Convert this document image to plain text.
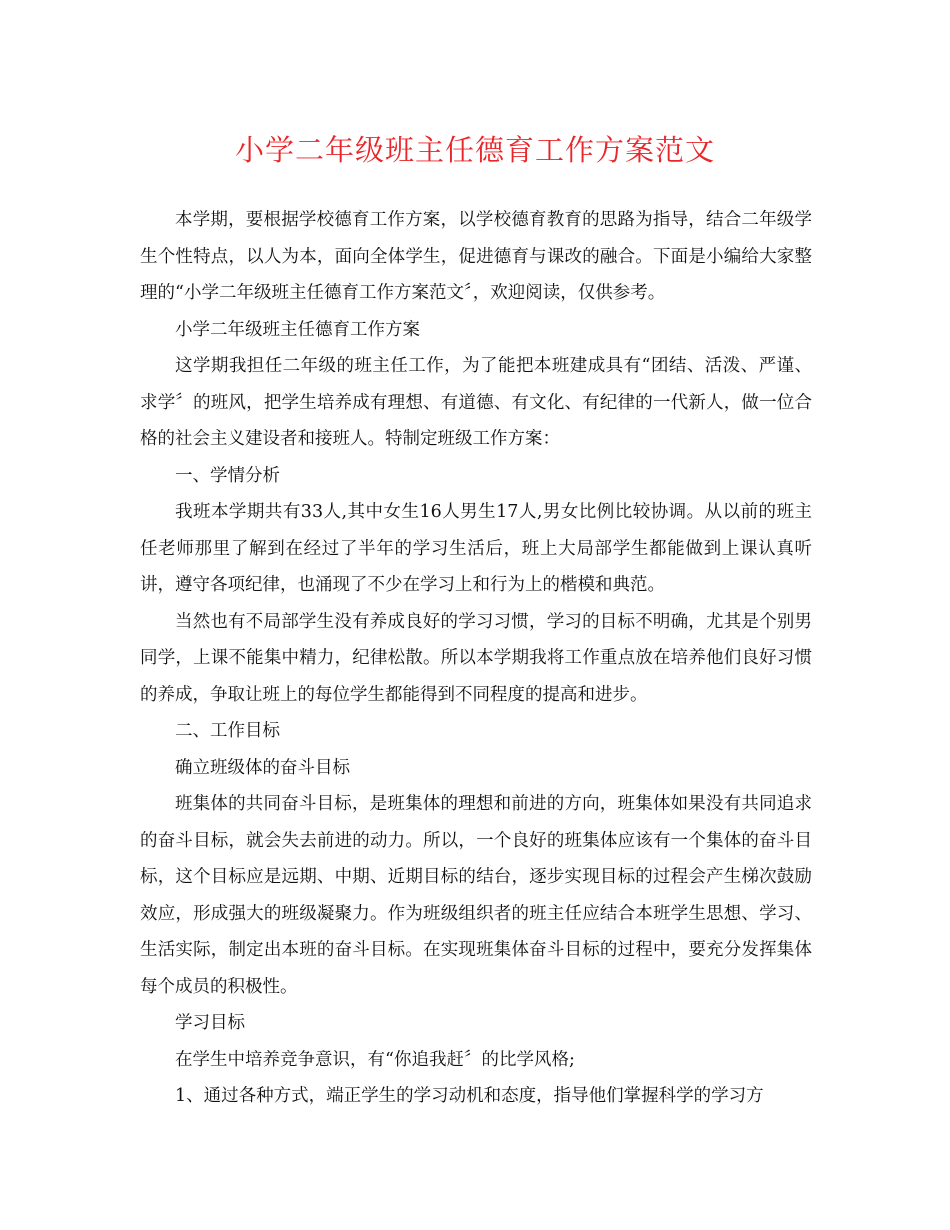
小学二年级班主任德育工作方案范文

本学期，要根据学校德育工作方案，以学校德育教育的思路为指导，结合二年级学生个性特点，以人为本，面向全体学生，促进德育与课改的融合。下面是小编给大家整理的“小学二年级班主任德育工作方案范文〞，欢迎阅读，仅供参考。

小学二年级班主任德育工作方案

这学期我担任二年级的班主任工作，为了能把本班建成具有“团结、活泼、严谨、求学〞的班风，把学生培养成有理想、有道德、有文化、有纪律的一代新人，做一位合格的社会主义建设者和接班人。特制定班级工作方案：

一、学情分析

我班本学期共有33人,其中女生16人男生17人,男女比例比较协调。从以前的班主任老师那里了解到在经过了半年的学习生活后，班上大局部学生都能做到上课认真听讲，遵守各项纪律，也涌现了不少在学习上和行为上的楷模和典范。

当然也有不局部学生没有养成良好的学习习惯，学习的目标不明确，尤其是个别男同学，上课不能集中精力，纪律松散。所以本学期我将工作重点放在培养他们良好习惯的养成，争取让班上的每位学生都能得到不同程度的提高和进步。

二、工作目标

确立班级体的奋斗目标

班集体的共同奋斗目标，是班集体的理想和前进的方向，班集体如果没有共同追求的奋斗目标，就会失去前进的动力。所以，一个良好的班集体应该有一个集体的奋斗目标，这个目标应是远期、中期、近期目标的结台，逐步实现目标的过程会产生梯次鼓励效应，形成强大的班级凝聚力。作为班级组织者的班主任应结合本班学生思想、学习、生活实际，制定出本班的奋斗目标。在实现班集体奋斗目标的过程中，要充分发挥集体每个成员的积极性。

学习目标

在学生中培养竞争意识，有“你追我赶〞的比学风格;

1、通过各种方式，端正学生的学习动机和态度，指导他们掌握科学的学习方
